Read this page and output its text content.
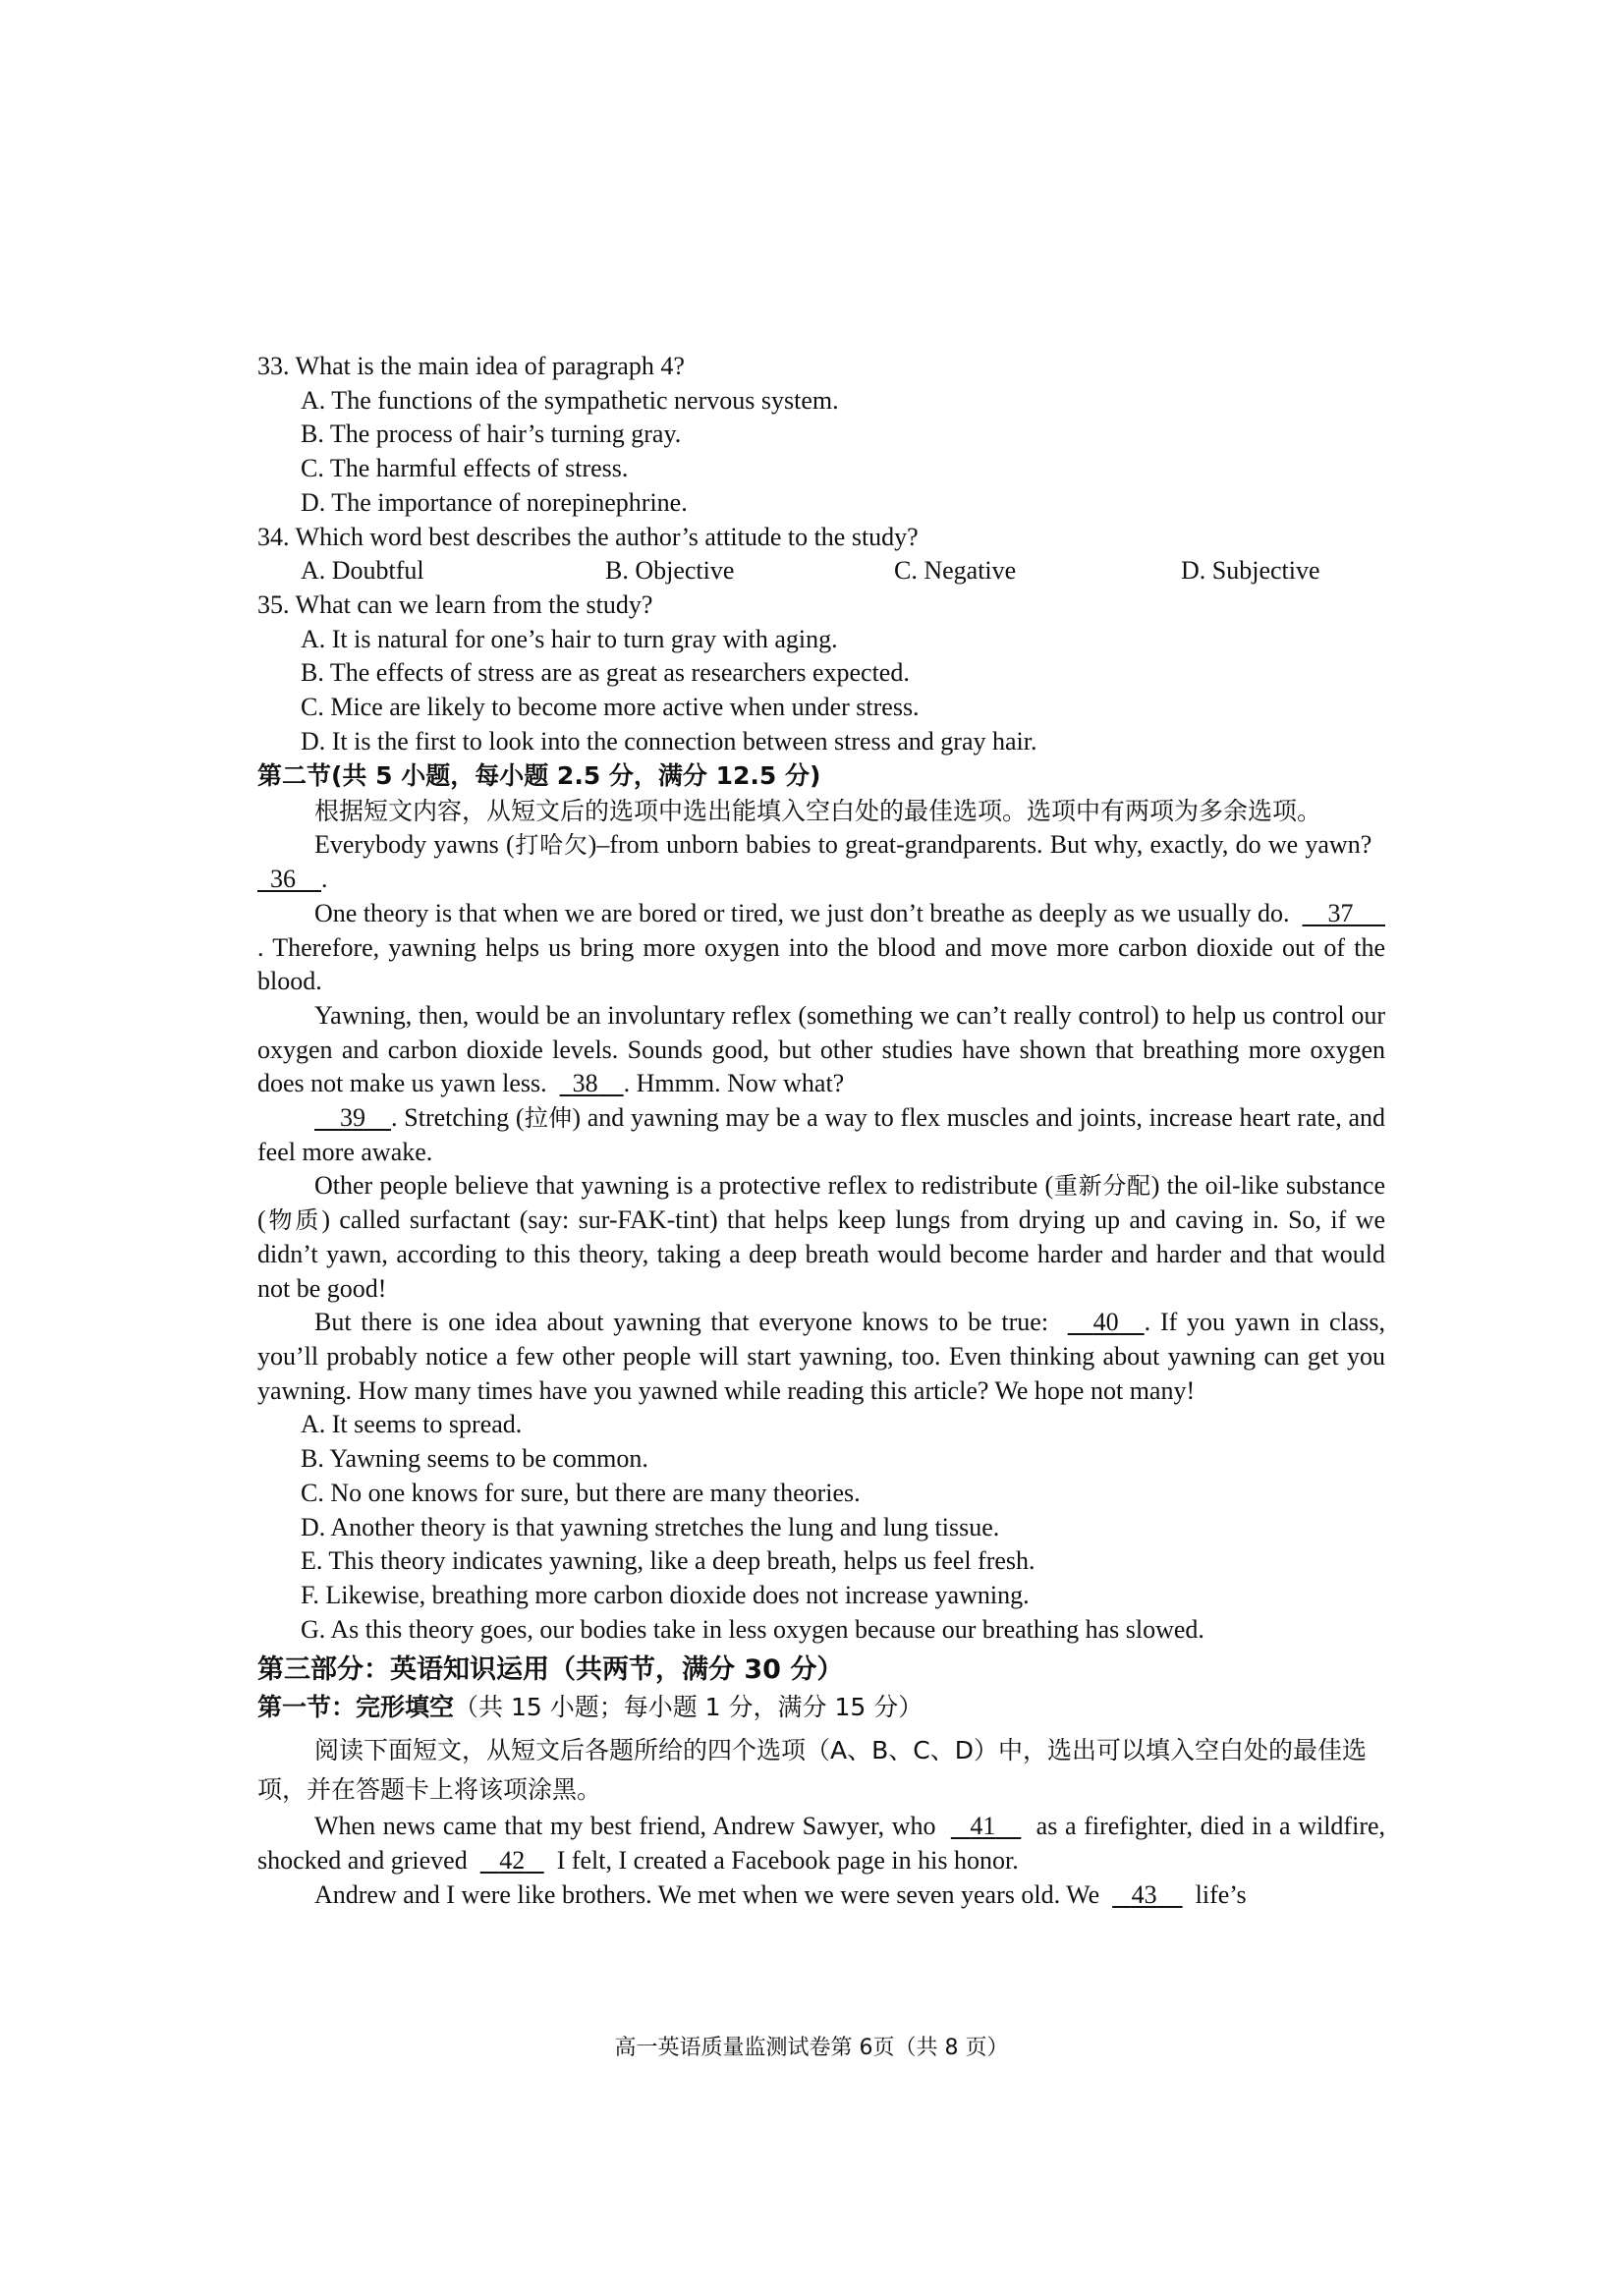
33. What is the main idea of paragraph 4?
A. The functions of the sympathetic nervous system.
B. The process of hair’s turning gray.
C. The harmful effects of stress.
D. The importance of norepinephrine.
34. Which word best describes the author’s attitude to the study?
A. Doubtful	B. Objective	C. Negative	D. Subjective
35. What can we learn from the study?
A. It is natural for one’s hair to turn gray with aging.
B. The effects of stress are as great as researchers expected.
C. Mice are likely to become more active when under stress.
D. It is the first to look into the connection between stress and gray hair.
第二节(共 5 小题，每小题 2.5 分，满分 12.5 分)
根据短文内容，从短文后的选项中选出能填入空白处的最佳选项。选项中有两项为多余选项。
Everybody yawns (打哈欠)–from unborn babies to great-grandparents. But why, exactly, do we yawn?    36 .
One theory is that when we are bored or tired, we just don’t breathe as deeply as we usually do. 37     . Therefore, yawning helps us bring more oxygen into the blood and move more carbon dioxide out of the blood.
Yawning, then, would be an involuntary reflex (something we can’t really control) to help us control our oxygen and carbon dioxide levels. Sounds good, but other studies have shown that breathing more oxygen does not make us yawn less. 38 . Hmmm. Now what?
39 . Stretching (拉伸) and yawning may be a way to flex muscles and joints, increase heart rate, and feel more awake.
Other people believe that yawning is a protective reflex to redistribute (重新分配) the oil-like substance (物质) called surfactant (say: sur-FAK-tint) that helps keep lungs from drying up and caving in. So, if we didn’t yawn, according to this theory, taking a deep breath would become harder and harder and that would not be good!
But there is one idea about yawning that everyone knows to be true: 40 . If you yawn in class, you’ll probably notice a few other people will start yawning, too. Even thinking about yawning can get you yawning. How many times have you yawned while reading this article? We hope not many!
A. It seems to spread.
B. Yawning seems to be common.
C. No one knows for sure, but there are many theories.
D. Another theory is that yawning stretches the lung and lung tissue.
E. This theory indicates yawning, like a deep breath, helps us feel fresh.
F. Likewise, breathing more carbon dioxide does not increase yawning.
G. As this theory goes, our bodies take in less oxygen because our breathing has slowed.
第三部分：英语知识运用（共两节，满分 30 分）
第一节：完形填空（共 15 小题；每小题 1 分，满分 15 分）
阅读下面短文，从短文后各题所给的四个选项（A、B、C、D）中，选出可以填入空白处的最佳选项，并在答题卡上将该项涂黑。
When news came that my best friend, Andrew Sawyer, who 41 as a firefighter, died in a wildfire, shocked and grieved 42 I felt, I created a Facebook page in his honor.
Andrew and I were like brothers. We met when we were seven years old. We 43 life’s
高一英语质量监测试卷第 6页（共 8 页）
